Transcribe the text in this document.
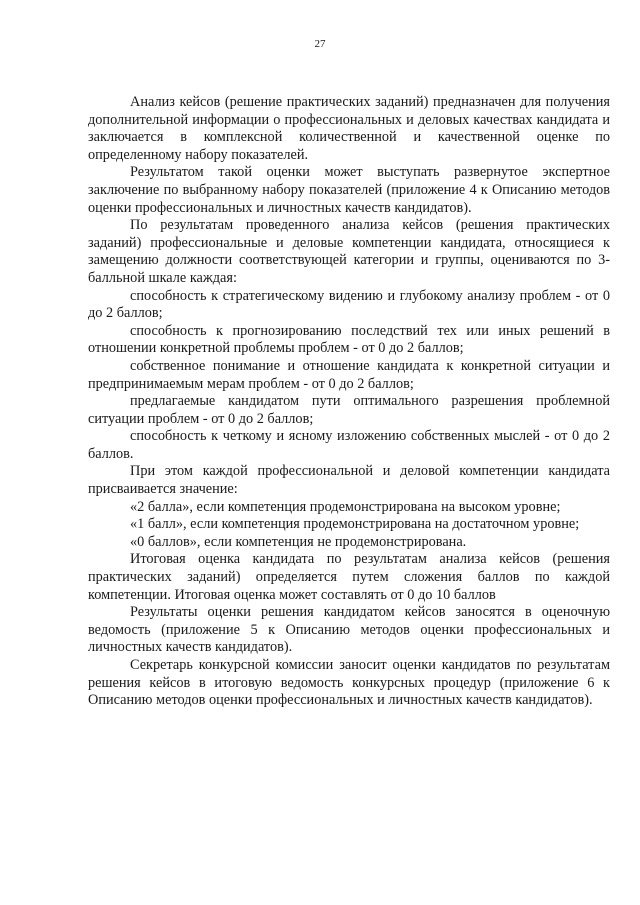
27

Анализ кейсов (решение практических заданий) предназначен для получения дополнительной информации о профессиональных и деловых качествах кандидата и заключается в комплексной количественной и качественной оценке по определенному набору показателей.

Результатом такой оценки может выступать развернутое экспертное заключение по выбранному набору показателей (приложение 4 к Описанию методов оценки профессиональных и личностных качеств кандидатов).

По результатам проведенного анализа кейсов (решения практических заданий) профессиональные и деловые компетенции кандидата, относящиеся к замещению должности соответствующей категории и группы, оцениваются по 3-балльной шкале каждая:

способность к стратегическому видению и глубокому анализу проблем - от 0 до 2 баллов;

способность к прогнозированию последствий тех или иных решений в отношении конкретной проблемы проблем - от 0 до 2 баллов;

собственное понимание и отношение кандидата к конкретной ситуации и предпринимаемым мерам проблем - от 0 до 2 баллов;

предлагаемые кандидатом пути оптимального разрешения проблемной ситуации проблем - от 0 до 2 баллов;

способность к четкому и ясному изложению собственных мыслей - от 0 до 2 баллов.

При этом каждой профессиональной и деловой компетенции кандидата присваивается значение:

«2 балла», если компетенция продемонстрирована на высоком уровне;

«1 балл», если компетенция продемонстрирована на достаточном уровне;

«0 баллов», если компетенция не продемонстрирована.

Итоговая оценка кандидата по результатам анализа кейсов (решения практических заданий) определяется путем сложения баллов по каждой компетенции. Итоговая оценка может составлять от 0 до 10 баллов

Результаты оценки решения кандидатом кейсов заносятся в оценочную ведомость (приложение 5 к Описанию методов оценки профессиональных и личностных качеств кандидатов).

Секретарь конкурсной комиссии заносит оценки кандидатов по результатам решения кейсов в итоговую ведомость конкурсных процедур (приложение 6 к Описанию методов оценки профессиональных и личностных качеств кандидатов).
